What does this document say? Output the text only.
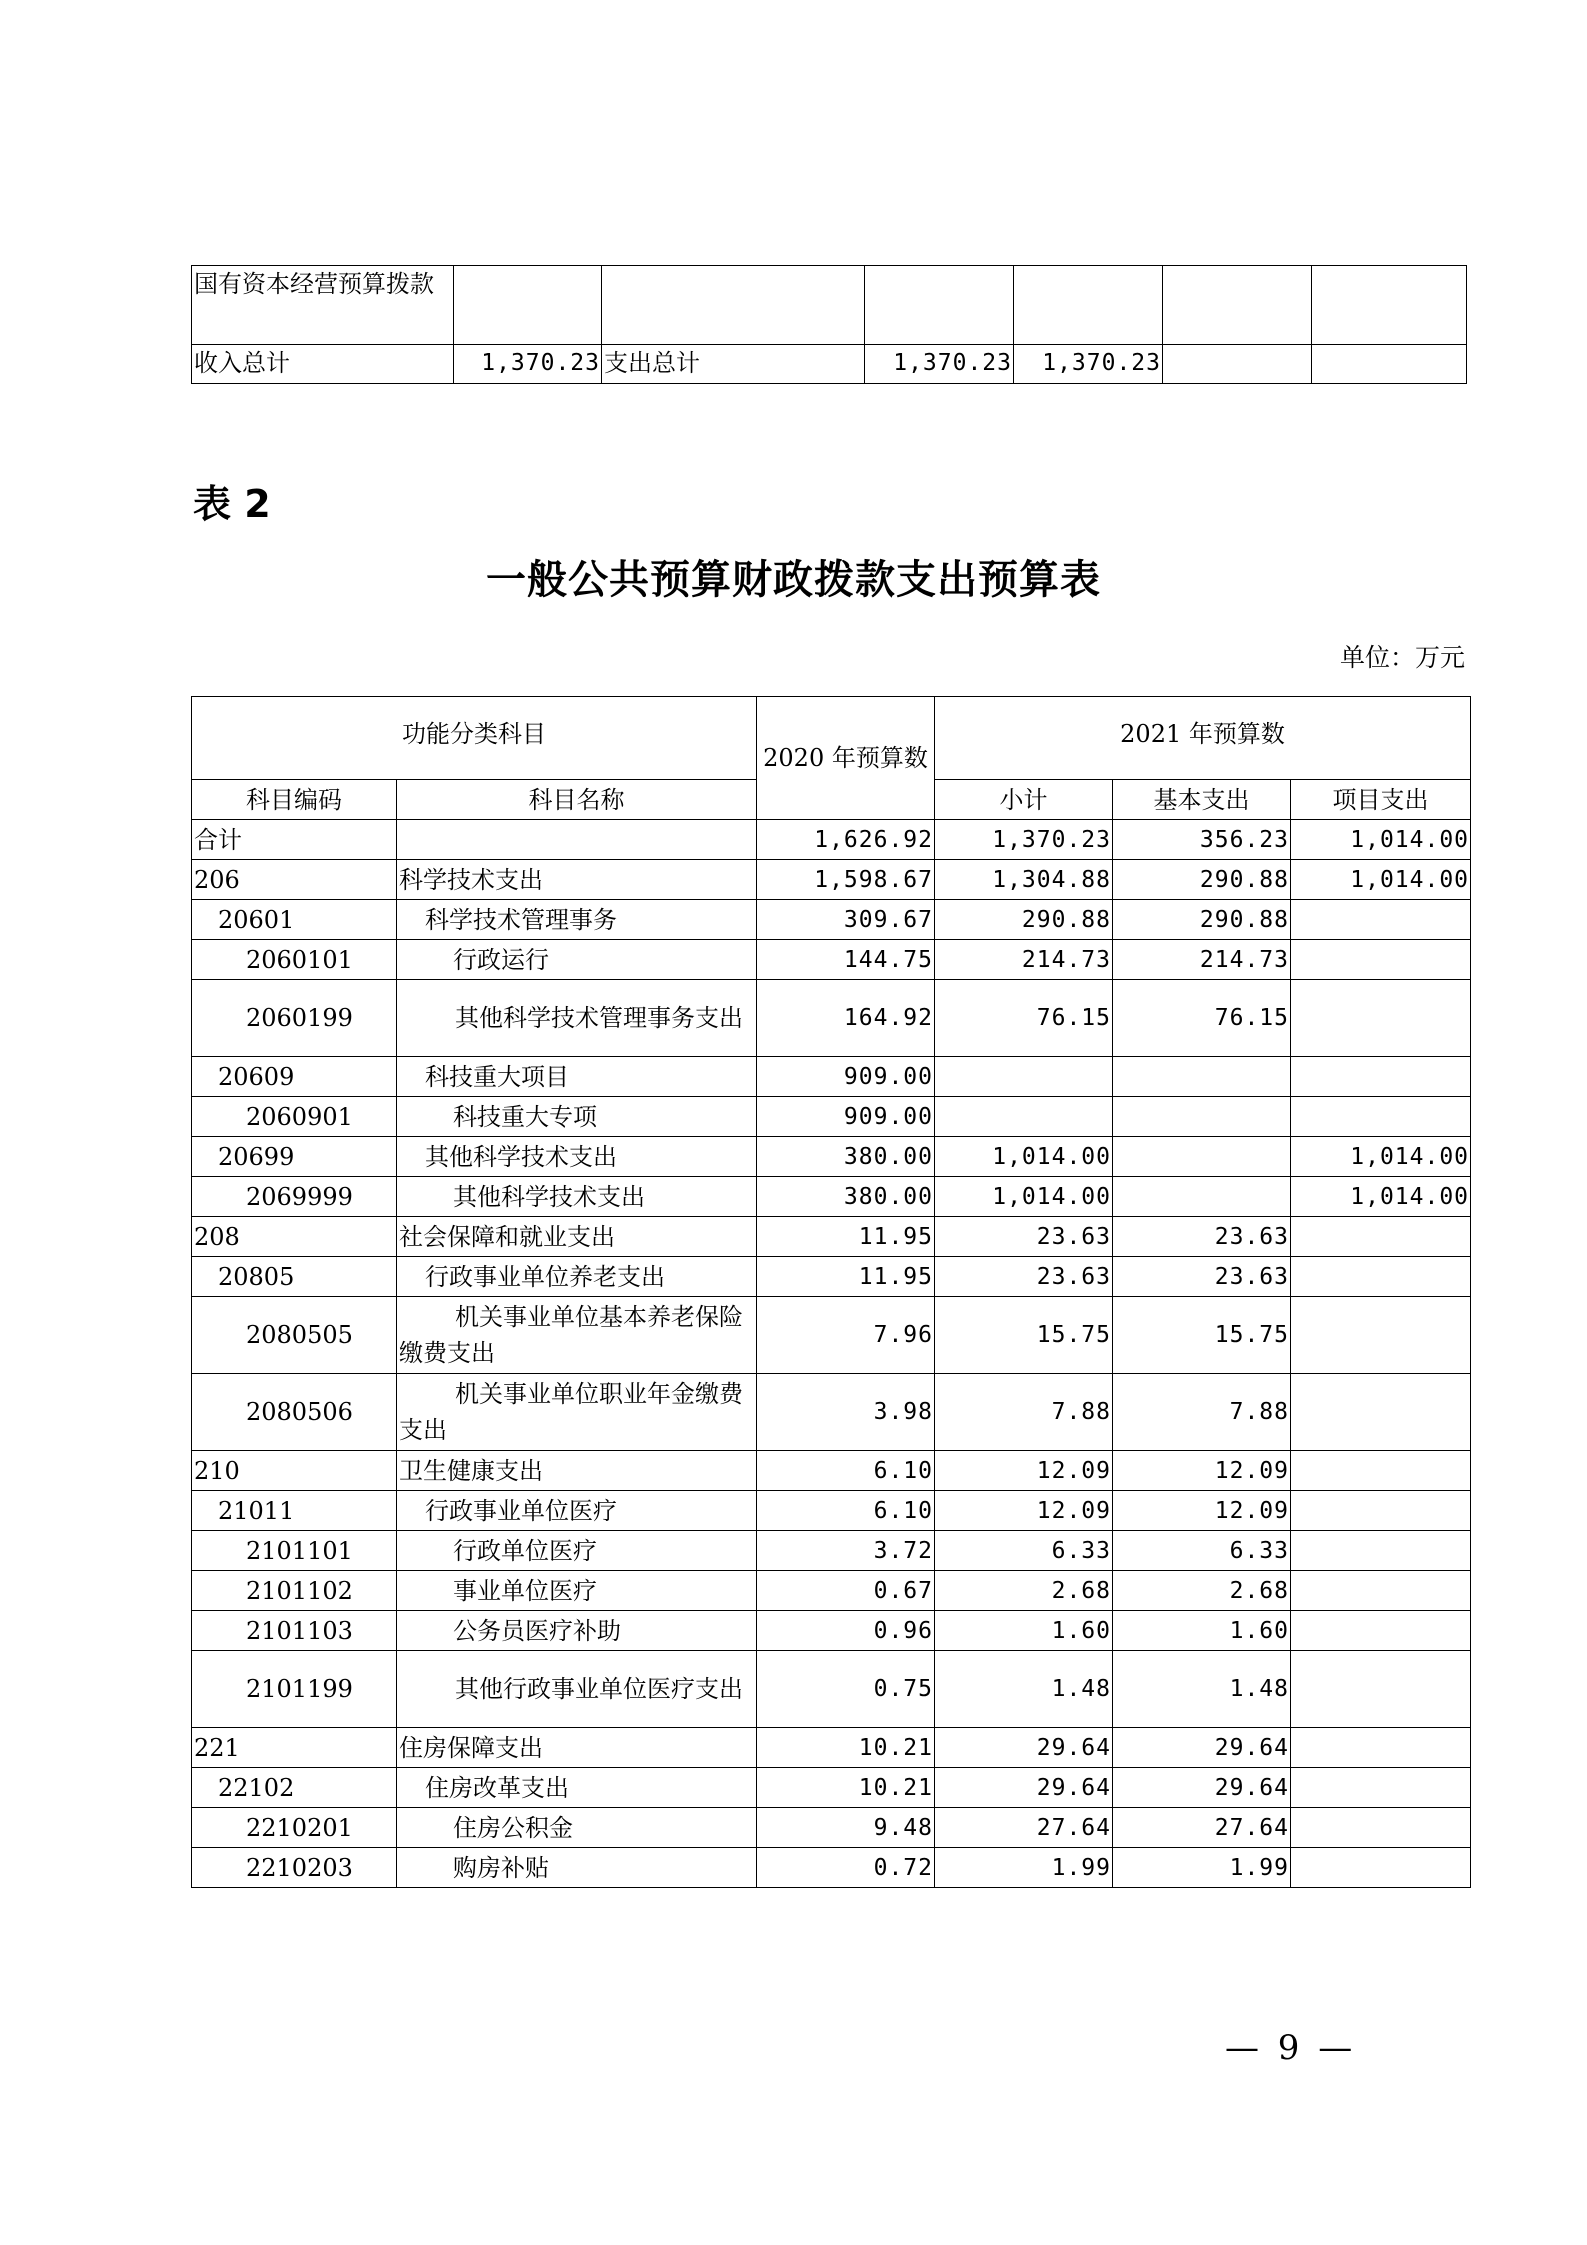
国有资本经营预算拨款						
收入总计	1,370.23	支出总计	1,370.23	1,370.23		
表 2
一般公共预算财政拨款支出预算表
单位：万元
功能分类科目		2020 年预算数	2021 年预算数		
科目编码	科目名称		小计	基本支出	项目支出
合计		1,626.92	1,370.23	356.23	1,014.00
206	科学技术支出	1,598.67	1,304.88	290.88	1,014.00
20601	科学技术管理事务	309.67	290.88	290.88	
2060101	行政运行	144.75	214.73	214.73	
2060199	其他科学技术管理事务支出	164.92	76.15	76.15	
20609	科技重大项目	909.00			
2060901	科技重大专项	909.00			
20699	其他科学技术支出	380.00	1,014.00		1,014.00
2069999	其他科学技术支出	380.00	1,014.00		1,014.00
208	社会保障和就业支出	11.95	23.63	23.63	
20805	行政事业单位养老支出	11.95	23.63	23.63	
2080505	机关事业单位基本养老保险缴费支出	7.96	15.75	15.75	
2080506	机关事业单位职业年金缴费支出	3.98	7.88	7.88	
210	卫生健康支出	6.10	12.09	12.09	
21011	行政事业单位医疗	6.10	12.09	12.09	
2101101	行政单位医疗	3.72	6.33	6.33	
2101102	事业单位医疗	0.67	2.68	2.68	
2101103	公务员医疗补助	0.96	1.60	1.60	
2101199	其他行政事业单位医疗支出	0.75	1.48	1.48	
221	住房保障支出	10.21	29.64	29.64	
22102	住房改革支出	10.21	29.64	29.64	
2210201	住房公积金	9.48	27.64	27.64	
2210203	购房补贴	0.72	1.99	1.99	
— 9 —
